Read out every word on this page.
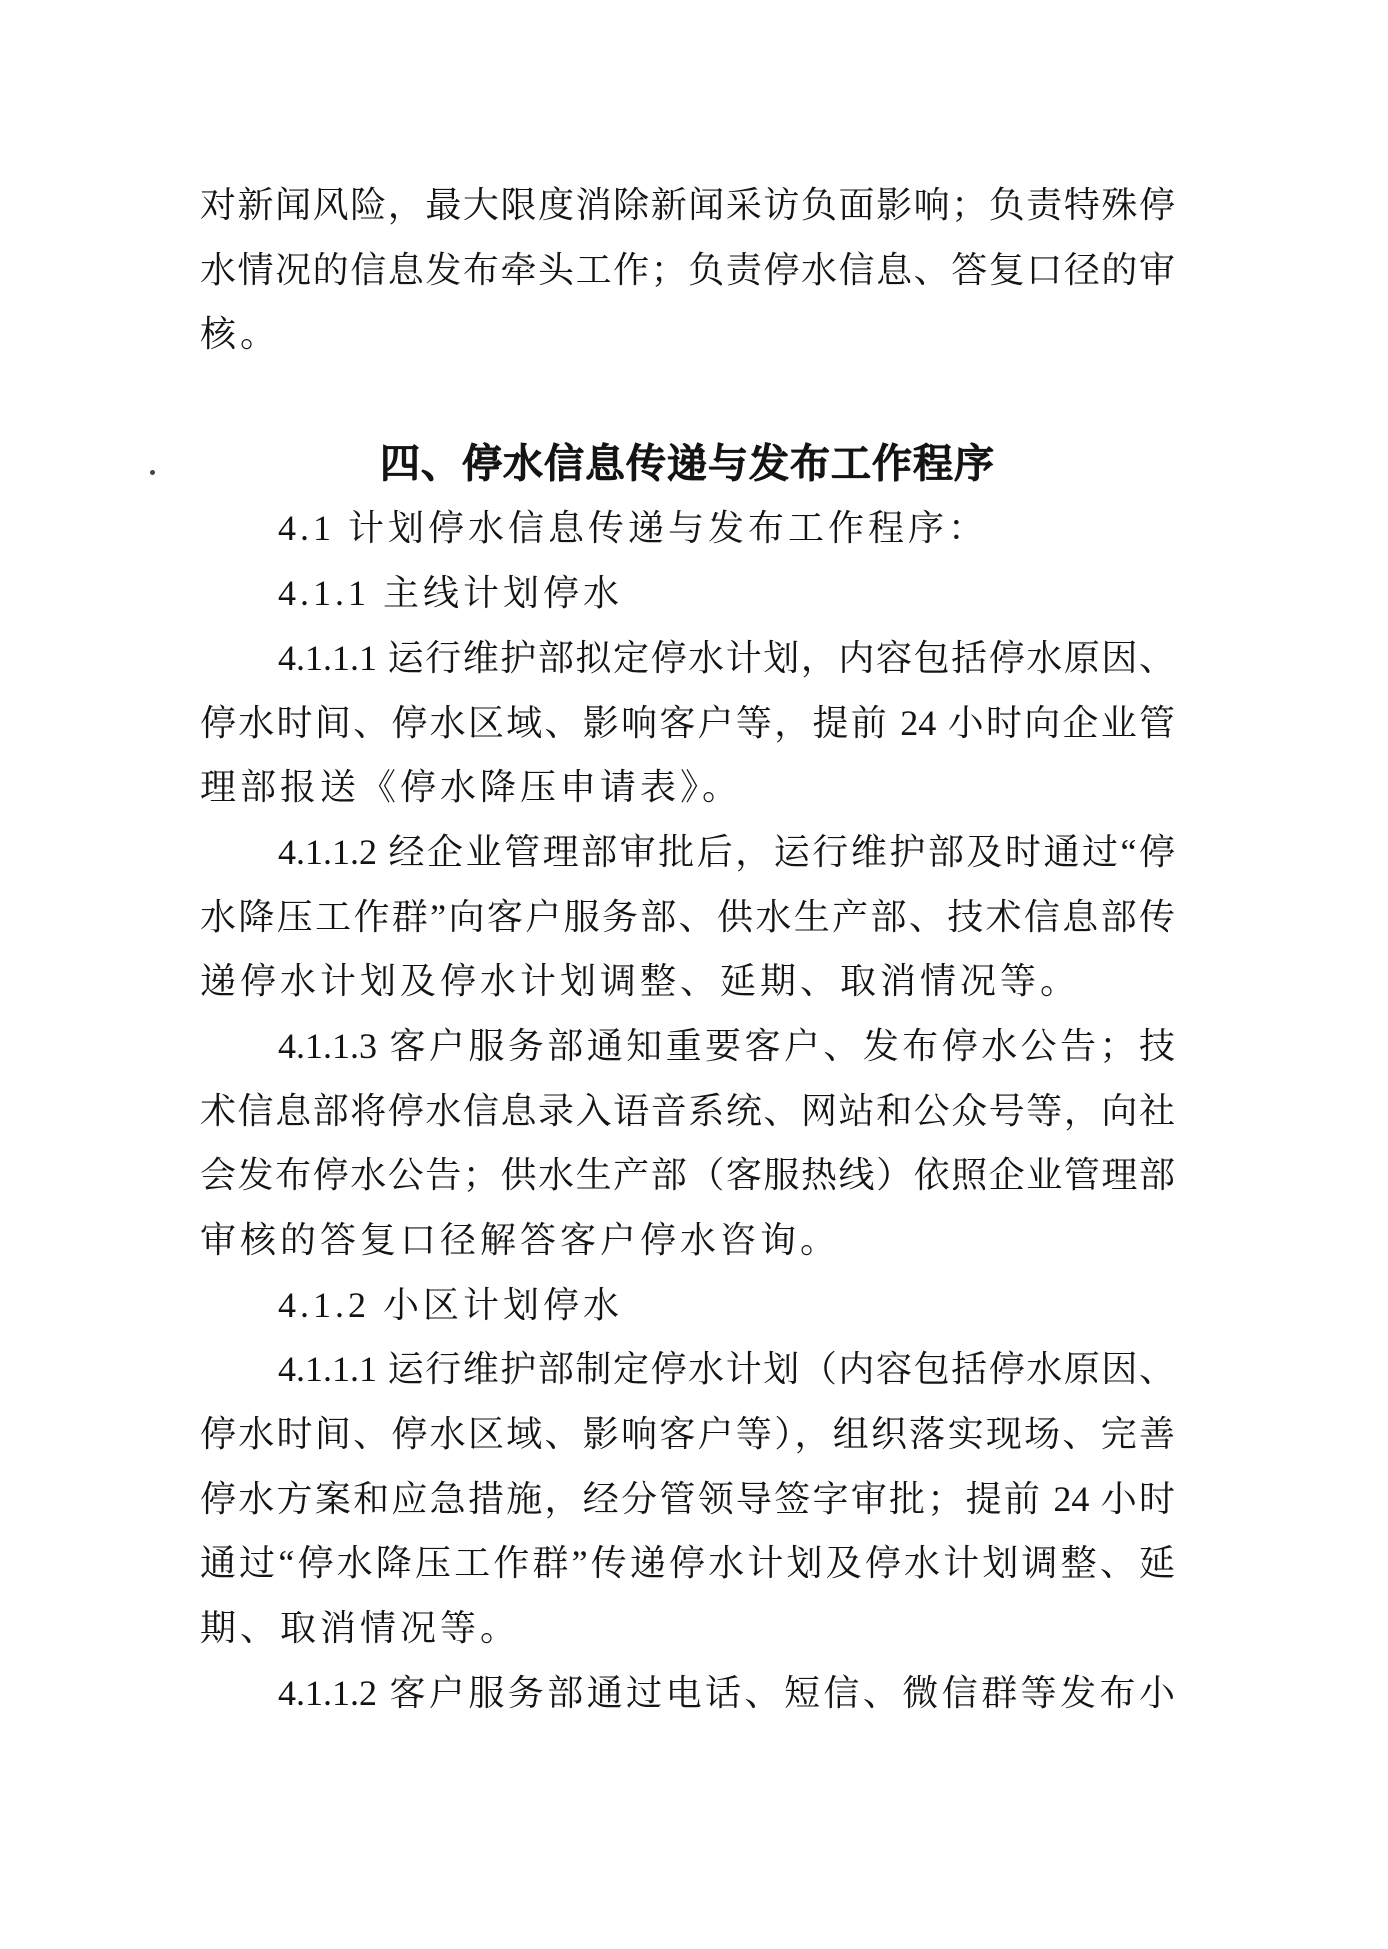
对新闻风险，最大限度消除新闻采访负面影响；负责特殊停
水情况的信息发布牵头工作；负责停水信息、答复口径的审
核。
四、停水信息传递与发布工作程序
4.1 计划停水信息传递与发布工作程序：
4.1.1 主线计划停水
4.1.1.1 运行维护部拟定停水计划，内容包括停水原因、
停水时间、停水区域、影响客户等，提前 24 小时向企业管
理部报送《停水降压申请表》。
4.1.1.2 经企业管理部审批后，运行维护部及时通过“停
水降压工作群”向客户服务部、供水生产部、技术信息部传
递停水计划及停水计划调整、延期、取消情况等。
4.1.1.3 客户服务部通知重要客户、发布停水公告；技
术信息部将停水信息录入语音系统、网站和公众号等，向社
会发布停水公告；供水生产部（客服热线）依照企业管理部
审核的答复口径解答客户停水咨询。
4.1.2 小区计划停水
4.1.1.1 运行维护部制定停水计划（内容包括停水原因、
停水时间、停水区域、影响客户等），组织落实现场、完善
停水方案和应急措施，经分管领导签字审批；提前 24 小时
通过“停水降压工作群”传递停水计划及停水计划调整、延
期、取消情况等。
4.1.1.2 客户服务部通过电话、短信、微信群等发布小
